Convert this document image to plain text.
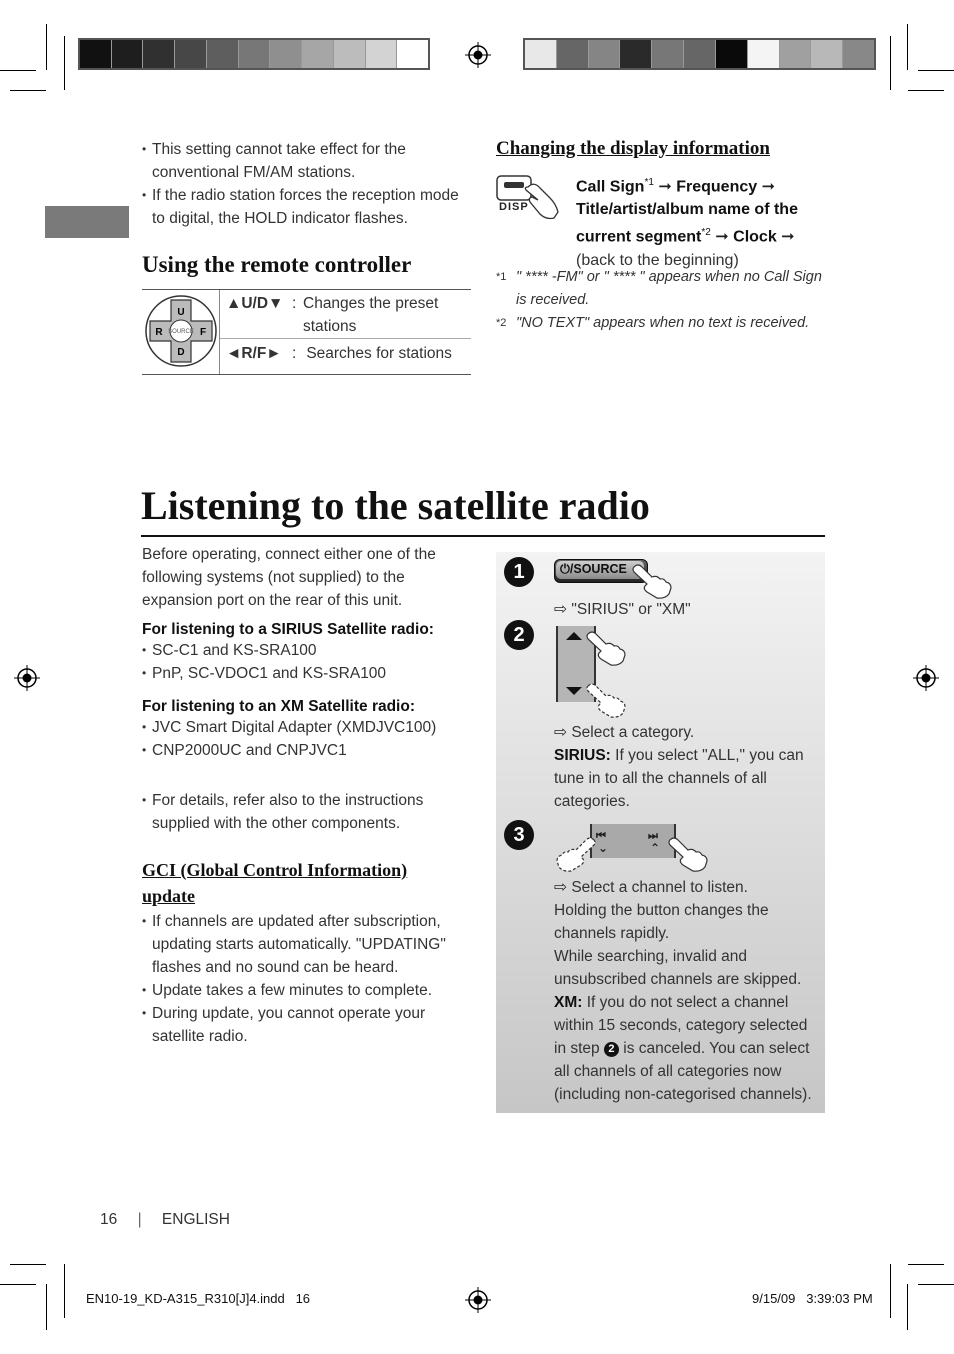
• This setting cannot take effect for the conventional FM/AM stations.
• If the radio station forces the reception mode to digital, the HOLD indicator flashes.
Using the remote controller
U
D
R	F
SOURCE
▲U/D▼ : Changes the preset stations
◄R/F► : Searches for stations
Changing the display information
DISP
Call Sign$^{*1}$ ➞ Frequency ➞ Title/artist/album name of the current segment$^{*2}$ ➞ Clock ➞
(back to the beginning)
*1 " **** -FM" or " **** " appears when no Call Sign is received.
*2 "NO TEXT" appears when no text is received.
Listening to the satellite radio
Before operating, connect either one of the following systems (not supplied) to the expansion port on the rear of this unit.

For listening to a SIRIUS Satellite radio:

• SC-C1 and KS-SRA100
• PnP, SC-VDOC1 and KS-SRA100

For listening to an XM Satellite radio:

• JVC Smart Digital Adapter (XMDJVC100)
• CNP2000UC and CNPJVC1
• For details, refer also to the instructions supplied with the other components.
GCI (Global Control Information) update
• If channels are updated after subscription, updating starts automatically. "UPDATING" flashes and no sound can be heard.
• Update takes a few minutes to complete.
• During update, you cannot operate your satellite radio.
1	⏻/SOURCE
⇨ "SIRIUS" or "XM"
2
⇨ Select a category.
SIRIUS: If you select "ALL," you can tune in to all the channels of all categories.
3	⏮	⏭
⌄	⌃
⇨ Select a channel to listen.
Holding the button changes the channels rapidly.
While searching, invalid and unsubscribed channels are skipped.
XM: If you do not select a channel within 15 seconds, category selected in step 2 is canceled. You can select all channels of all categories now (including non-categorised channels).
16 | ENGLISH
EN10-19_KD-A315_R310[J]4.indd   16	9/15/09   3:39:03 PM
